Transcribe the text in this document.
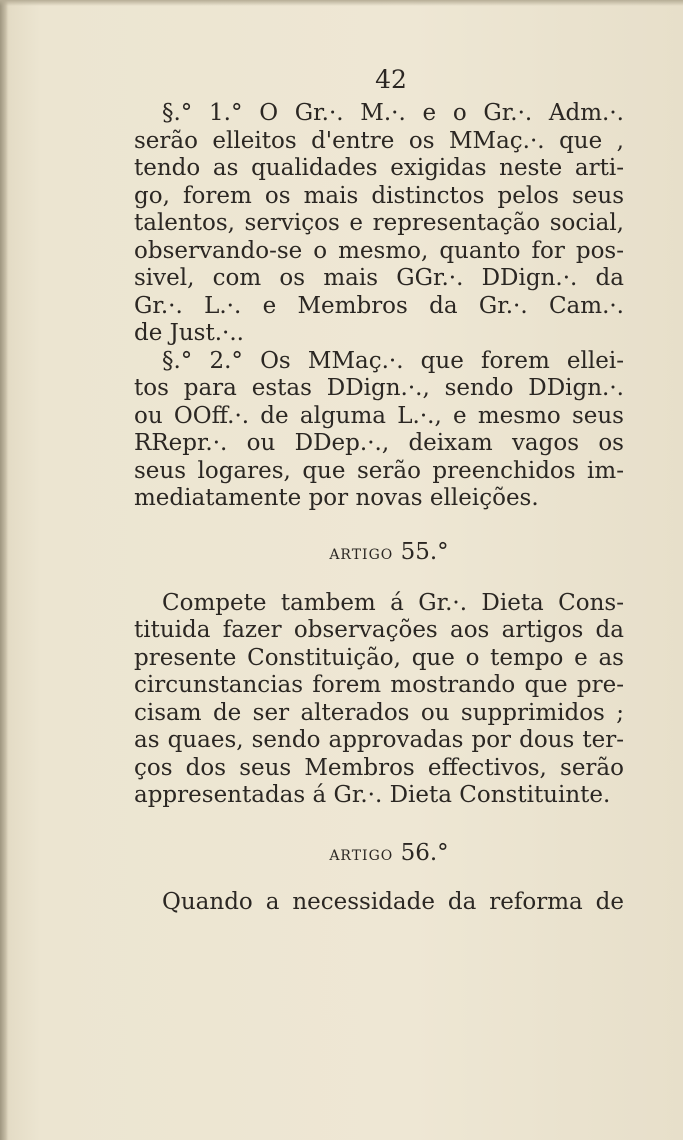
42
§.° 1.° O Gr.·. M.·. e o Gr.·. Adm.·.
serão elleitos d'entre os MMaç.·. que ,
tendo as qualidades exigidas neste arti-
go, forem os mais distinctos pelos seus
talentos, serviços e representação social,
observando-se o mesmo, quanto for pos-
sivel, com os mais GGr.·. DDign.·. da
Gr.·. L.·. e Membros da Gr.·. Cam.·.
de Just.·..
§.° 2.° Os MMaç.·. que forem ellei-
tos para estas DDign.·., sendo DDign.·.
ou OOff.·. de alguma L.·., e mesmo seus
RRepr.·. ou DDep.·., deixam vagos os
seus logares, que serão preenchidos im-
mediatamente por novas elleições.
artigo 55.°
Compete tambem á Gr.·. Dieta Cons-
tituida fazer observações aos artigos da
presente Constituição, que o tempo e as
circunstancias forem mostrando que pre-
cisam de ser alterados ou supprimidos ;
as quaes, sendo approvadas por dous ter-
ços dos seus Membros effectivos, serão
appresentadas á Gr.·. Dieta Constituinte.
artigo 56.°
Quando a necessidade da reforma de
